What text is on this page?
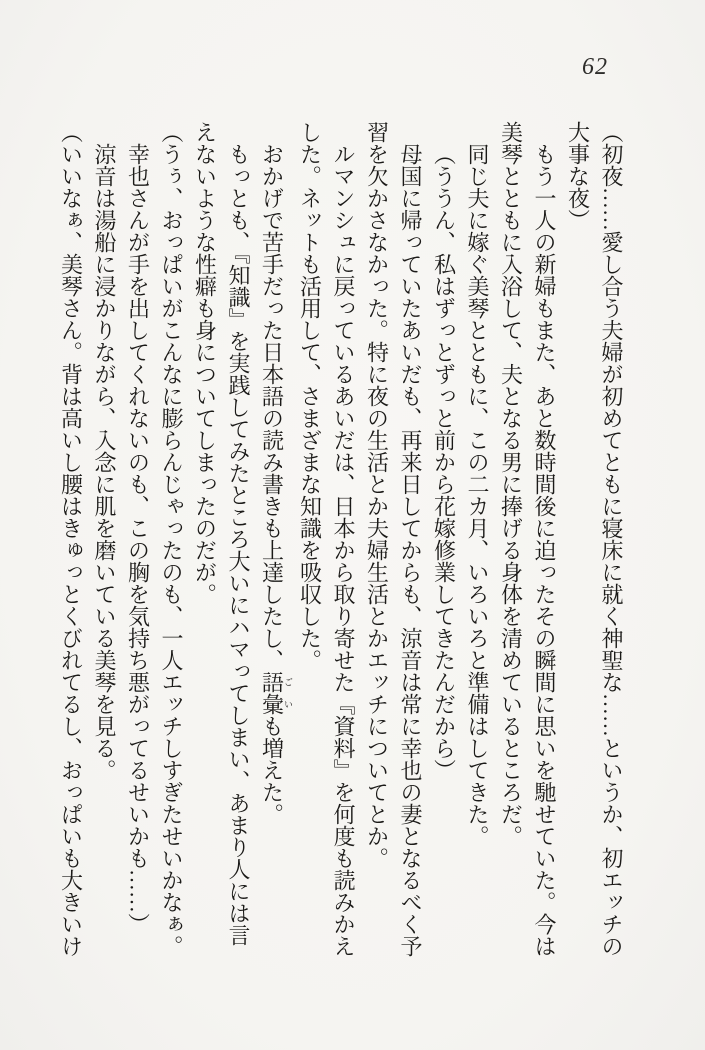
62

（初夜……愛し合う夫婦が初めてともに寝床に就く神聖な……というか、初エッチの大事な夜）

もう一人の新婦もまた、あと数時間後に迫ったその瞬間に思いを馳せていた。今は美琴とともに入浴して、夫となる男に捧げる身体を清めているところだ。

同じ夫に嫁ぐ美琴とともに、この二カ月、いろいろと準備はしてきた。

（ううん、私はずっとずっと前から花嫁修業してきたんだから）

母国に帰っていたあいだも、再来日してからも、涼音は常に幸也の妻となるべく予習を欠かさなかった。特に夜の生活とか夫婦生活とかエッチについてとか。

ルマンシュに戻っているあいだは、日本から取り寄せた『資料』を何度も読みかえした。ネットも活用して、さまざまな知識を吸収した。

おかげで苦手だった日本語の読み書きも上達したし、語彙ごいも増えた。

もっとも、『知識』を実践してみたところ大いにハマってしまい、あまり人には言えないような性癖も身についてしまったのだが。

（うぅ、おっぱいがこんなに膨らんじゃったのも、一人エッチしすぎたせいかなぁ。

幸也さんが手を出してくれないのも、この胸を気持ち悪がってるせいかも……）

涼音は湯船に浸かりながら、入念に肌を磨いている美琴を見る。

（いいなぁ、美琴さん。背は高いし腰はきゅっとくびれてるし、おっぱいも大きいけ
